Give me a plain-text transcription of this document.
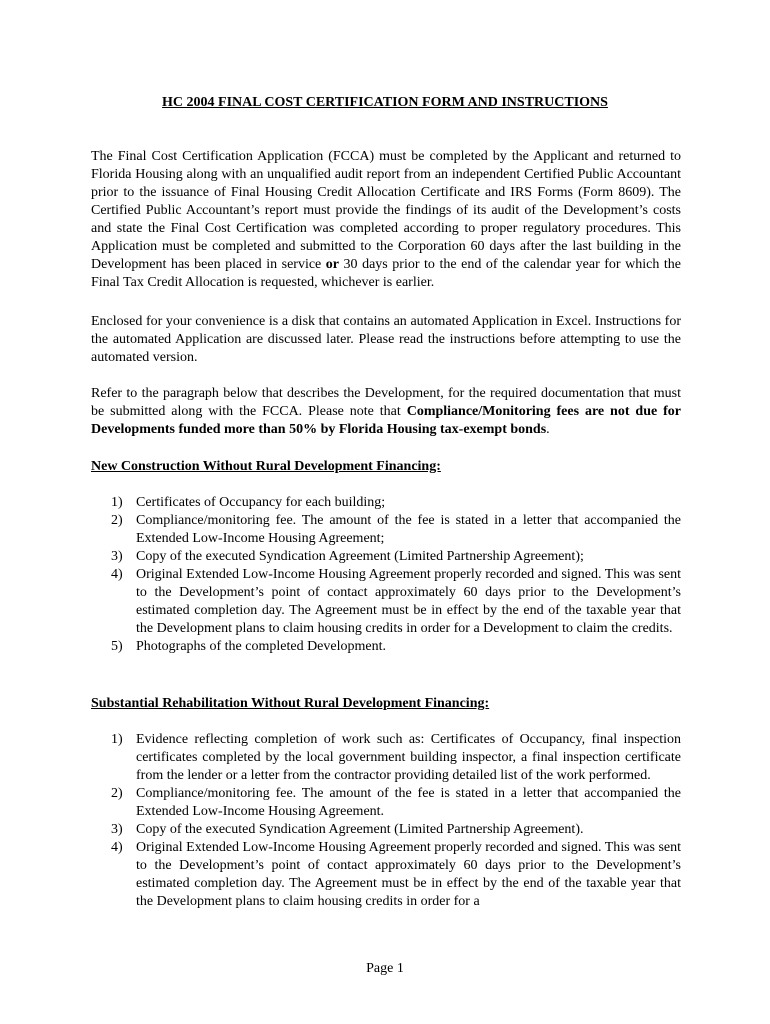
HC 2004 FINAL COST CERTIFICATION FORM AND INSTRUCTIONS

The Final Cost Certification Application (FCCA) must be completed by the Applicant and returned to Florida Housing along with an unqualified audit report from an independent Certified Public Accountant prior to the issuance of Final Housing Credit Allocation Certificate and IRS Forms (Form 8609). The Certified Public Accountant’s report must provide the findings of its audit of the Development’s costs and state the Final Cost Certification was completed according to proper regulatory procedures. This Application must be completed and submitted to the Corporation 60 days after the last building in the Development has been placed in service or 30 days prior to the end of the calendar year for which the Final Tax Credit Allocation is requested, whichever is earlier.

Enclosed for your convenience is a disk that contains an automated Application in Excel. Instructions for the automated Application are discussed later. Please read the instructions before attempting to use the automated version.

Refer to the paragraph below that describes the Development, for the required documentation that must be submitted along with the FCCA. Please note that Compliance/Monitoring fees are not due for Developments funded more than 50% by Florida Housing tax-exempt bonds.

New Construction Without Rural Development Financing:
1) Certificates of Occupancy for each building;
2) Compliance/monitoring fee. The amount of the fee is stated in a letter that accompanied the Extended Low-Income Housing Agreement;
3) Copy of the executed Syndication Agreement (Limited Partnership Agreement);
4) Original Extended Low-Income Housing Agreement properly recorded and signed. This was sent to the Development’s point of contact approximately 60 days prior to the Development’s estimated completion day. The Agreement must be in effect by the end of the taxable year that the Development plans to claim housing credits in order for a Development to claim the credits.
5) Photographs of the completed Development.
Substantial Rehabilitation Without Rural Development Financing:
1) Evidence reflecting completion of work such as: Certificates of Occupancy, final inspection certificates completed by the local government building inspector, a final inspection certificate from the lender or a letter from the contractor providing detailed list of the work performed.
2) Compliance/monitoring fee. The amount of the fee is stated in a letter that accompanied the Extended Low-Income Housing Agreement.
3) Copy of the executed Syndication Agreement (Limited Partnership Agreement).
4) Original Extended Low-Income Housing Agreement properly recorded and signed. This was sent to the Development’s point of contact approximately 60 days prior to the Development’s estimated completion day. The Agreement must be in effect by the end of the taxable year that the Development plans to claim housing credits in order for a
Page 1
